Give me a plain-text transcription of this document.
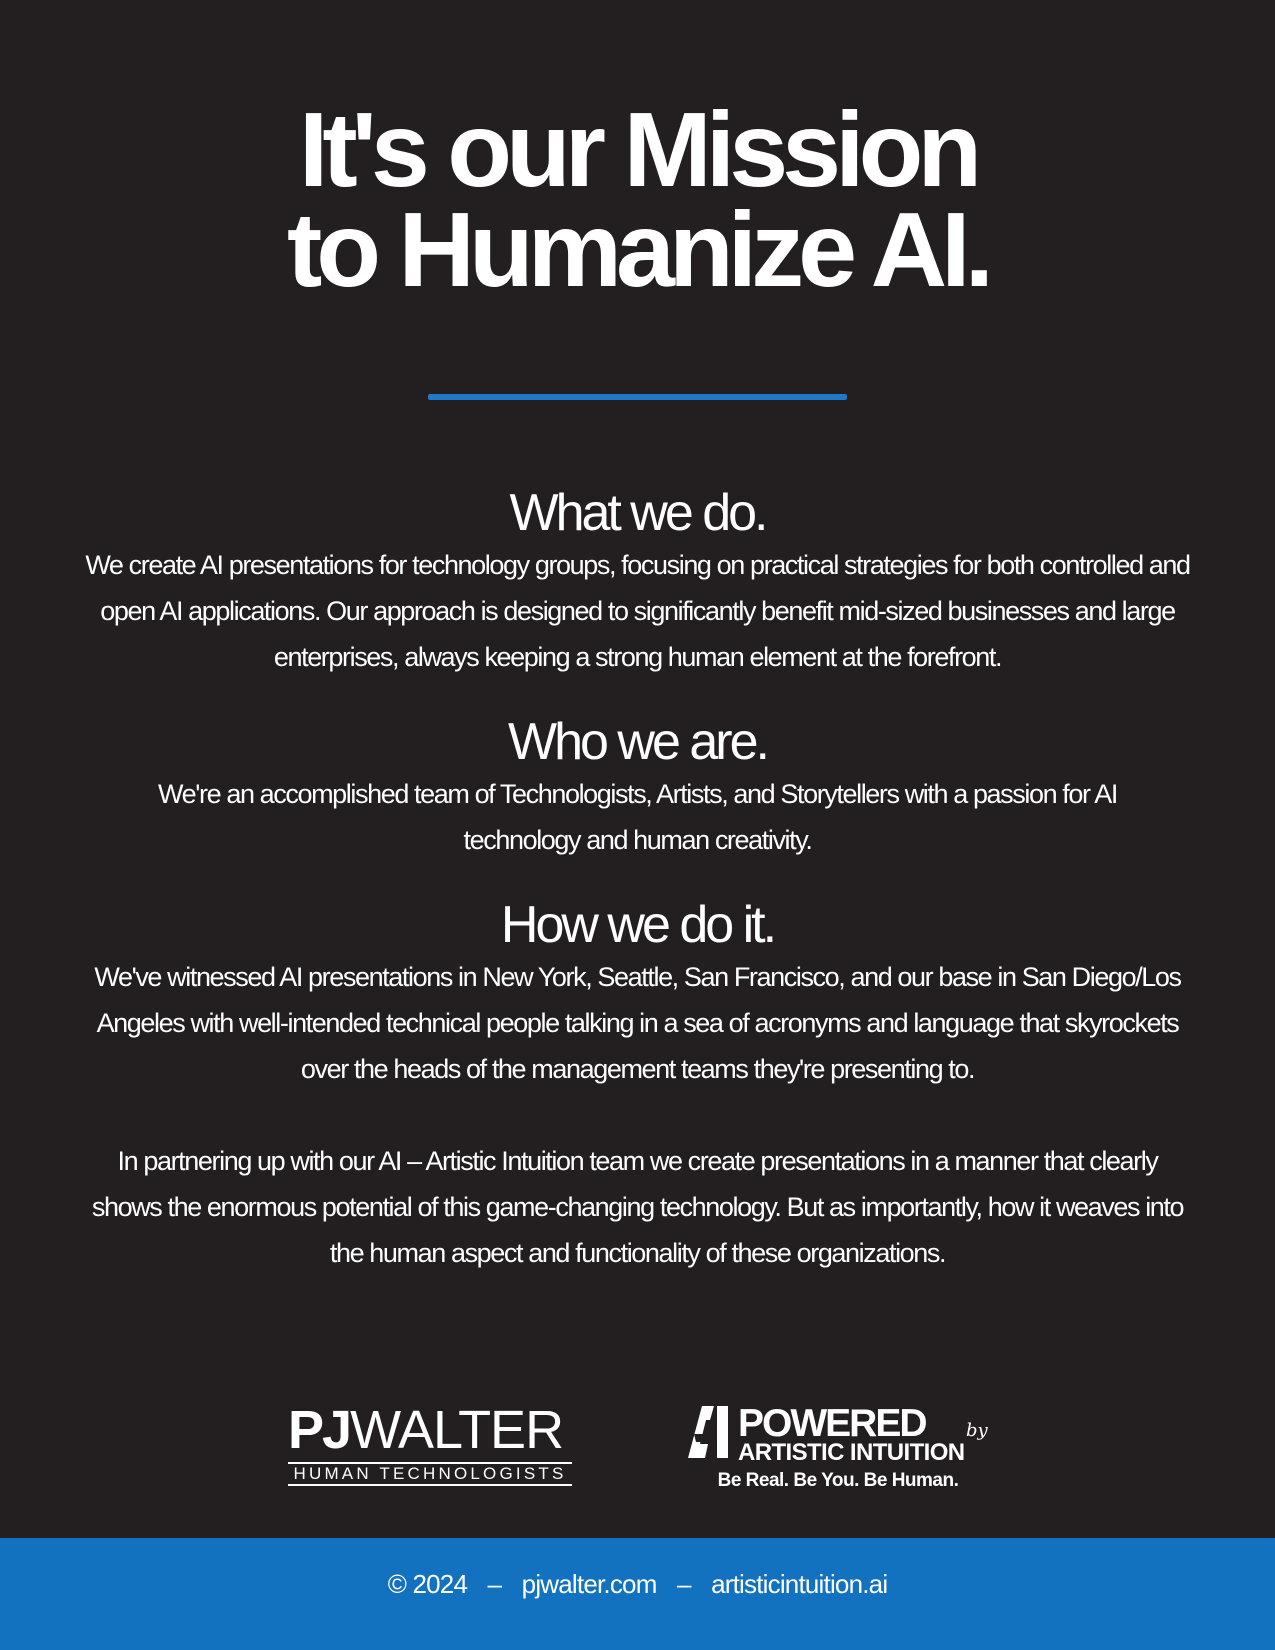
It's our Mission
to Humanize AI.
What we do.

We create AI presentations for technology groups, focusing on practical strategies for both controlled and open AI applications. Our approach is designed to significantly benefit mid-sized businesses and large enterprises, always keeping a strong human element at the forefront.

Who we are.

We're an accomplished team of Technologists, Artists, and Storytellers with a passion for AI technology and human creativity.

How we do it.

We've witnessed AI presentations in New York, Seattle, San Francisco, and our base in San Diego/Los Angeles with well-intended technical people talking in a sea of acronyms and language that skyrockets over the heads of the management teams they're presenting to.

In partnering up with our AI – Artistic Intuition team we create presentations in a manner that clearly shows the enormous potential of this game-changing technology. But as importantly, how it weaves into the human aspect and functionality of these organizations.

PJ WALTER
HUMAN TECHNOLOGISTS
POWERED by
ARTISTIC INTUITION
Be Real. Be You. Be Human.
© 2024 – pjwalter.com – artisticintuition.ai
